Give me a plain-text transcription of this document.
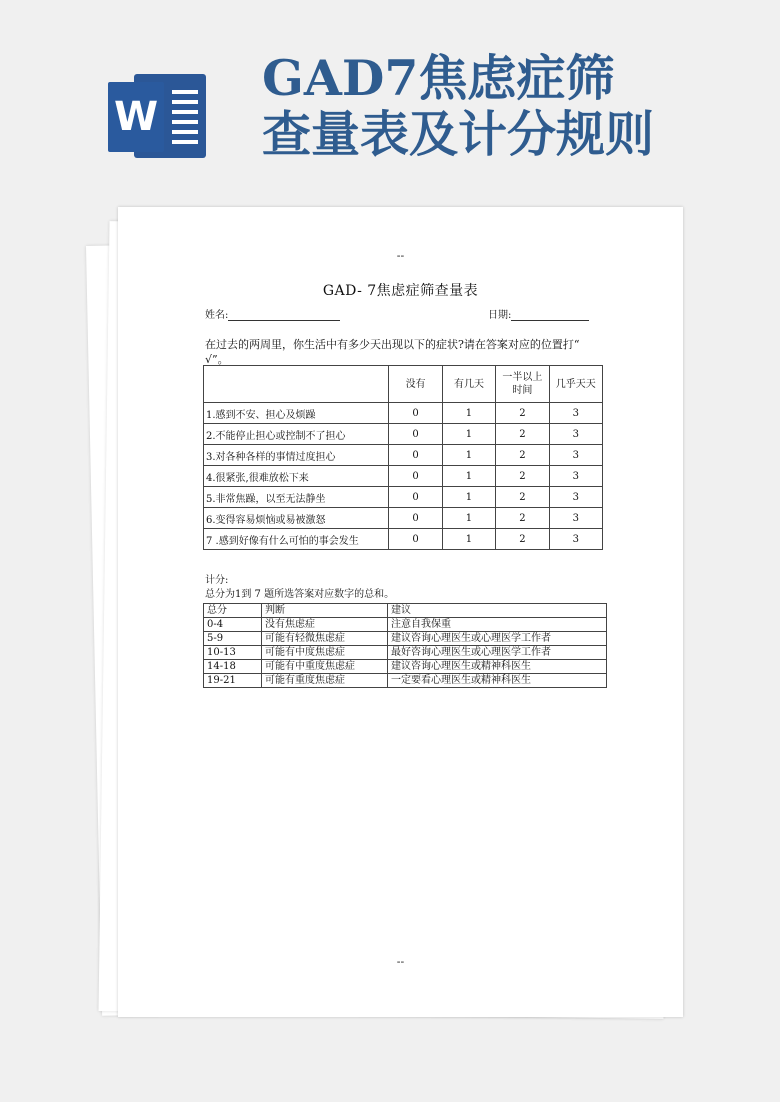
W
GAD7焦虑症筛
查量表及计分规则
--
GAD- 7焦虑症筛查量表
姓名:	日期:
在过去的两周里，你生活中有多少天出现以下的症状?请在答案对应的位置打“ √”。
	没有	有几天	一半以上时间	几乎天天
1.感到不安、担心及烦躁	0	1	2	3
2.不能停止担心或控制不了担心	0	1	2	3
3.对各种各样的事情过度担心	0	1	2	3
4.很紧张,很难放松下来	0	1	2	3
5.非常焦躁，以至无法静坐	0	1	2	3
6.变得容易烦恼或易被激怒	0	1	2	3
7 .感到好像有什么可怕的事会发生	0	1	2	3
计分:
总分为1到 7 题所选答案对应数字的总和。
总分	判断	建议
0-4	没有焦虑症	注意自我保重
5-9	可能有轻微焦虑症	建议咨询心理医生或心理医学工作者
10-13	可能有中度焦虑症	最好咨询心理医生或心理医学工作者
14-18	可能有中重度焦虑症	建议咨询心理医生或精神科医生
19-21	可能有重度焦虑症	一定要看心理医生或精神科医生
--
